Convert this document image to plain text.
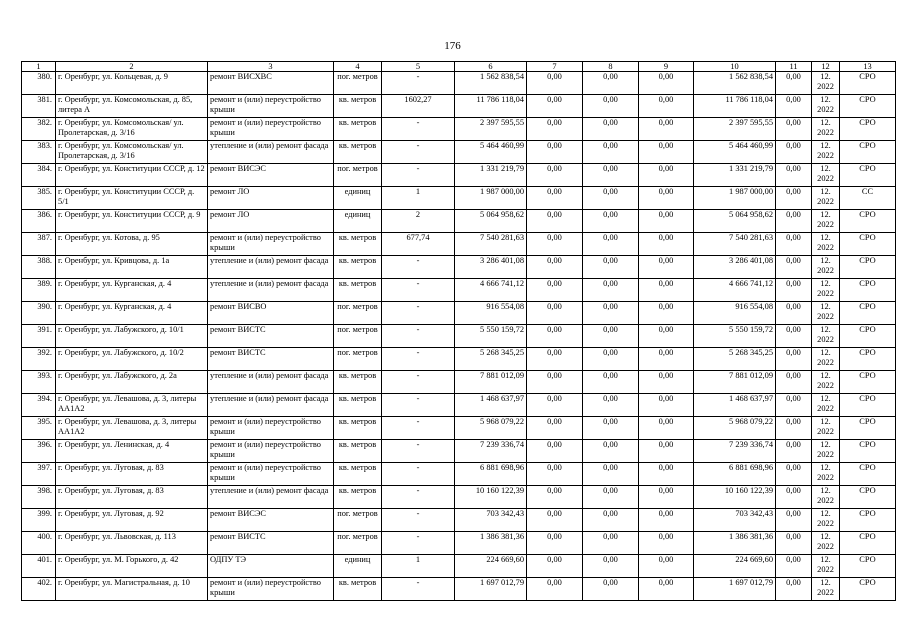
176
1	2	3	4	5	6	7	8	9	10	11	12	13
380.	г. Оренбург, ул. Кольцевая, д. 9	ремонт ВИСХВС	пог. метров	-	1 562 838,54	0,00	0,00	0,00	1 562 838,54	0,00	12. 2022	СРО
381.	г. Оренбург, ул. Комсомольская, д. 85, литера А	ремонт и (или) переустройство крыши	кв. метров	1602,27	11 786 118,04	0,00	0,00	0,00	11 786 118,04	0,00	12. 2022	СРО
382.	г. Оренбург, ул. Комсомольская/ ул. Пролетарская, д. 3/16	ремонт и (или) переустройство крыши	кв. метров	-	2 397 595,55	0,00	0,00	0,00	2 397 595,55	0,00	12. 2022	СРО
383.	г. Оренбург, ул. Комсомольская/ ул. Пролетарская, д. 3/16	утепление и (или) ремонт фасада	кв. метров	-	5 464 460,99	0,00	0,00	0,00	5 464 460,99	0,00	12. 2022	СРО
384.	г. Оренбург, ул. Конституции СССР, д. 12	ремонт ВИСЭС	пог. метров	-	1 331 219,79	0,00	0,00	0,00	1 331 219,79	0,00	12. 2022	СРО
385.	г. Оренбург, ул. Конституции СССР, д. 5/1	ремонт ЛО	единиц	1	1 987 000,00	0,00	0,00	0,00	1 987 000,00	0,00	12. 2022	СС
386.	г. Оренбург, ул. Конституции СССР, д. 9	ремонт ЛО	единиц	2	5 064 958,62	0,00	0,00	0,00	5 064 958,62	0,00	12. 2022	СРО
387.	г. Оренбург, ул. Котова, д. 95	ремонт и (или) переустройство крыши	кв. метров	677,74	7 540 281,63	0,00	0,00	0,00	7 540 281,63	0,00	12. 2022	СРО
388.	г. Оренбург, ул. Кривцова, д. 1а	утепление и (или) ремонт фасада	кв. метров	-	3 286 401,08	0,00	0,00	0,00	3 286 401,08	0,00	12. 2022	СРО
389.	г. Оренбург, ул. Курганская, д. 4	утепление и (или) ремонт фасада	кв. метров	-	4 666 741,12	0,00	0,00	0,00	4 666 741,12	0,00	12. 2022	СРО
390.	г. Оренбург, ул. Курганская, д. 4	ремонт ВИСВО	пог. метров	-	916 554,08	0,00	0,00	0,00	916 554,08	0,00	12. 2022	СРО
391.	г. Оренбург, ул. Лабужского, д. 10/1	ремонт ВИСТС	пог. метров	-	5 550 159,72	0,00	0,00	0,00	5 550 159,72	0,00	12. 2022	СРО
392.	г. Оренбург, ул. Лабужского, д. 10/2	ремонт ВИСТС	пог. метров	-	5 268 345,25	0,00	0,00	0,00	5 268 345,25	0,00	12. 2022	СРО
393.	г. Оренбург, ул. Лабужского, д. 2а	утепление и (или) ремонт фасада	кв. метров	-	7 881 012,09	0,00	0,00	0,00	7 881 012,09	0,00	12. 2022	СРО
394.	г. Оренбург, ул. Левашова, д. 3, литеры АА1А2	утепление и (или) ремонт фасада	кв. метров	-	1 468 637,97	0,00	0,00	0,00	1 468 637,97	0,00	12. 2022	СРО
395.	г. Оренбург, ул. Левашова, д. 3, литеры АА1А2	ремонт и (или) переустройство крыши	кв. метров	-	5 968 079,22	0,00	0,00	0,00	5 968 079,22	0,00	12. 2022	СРО
396.	г. Оренбург, ул. Ленинская, д. 4	ремонт и (или) переустройство крыши	кв. метров	-	7 239 336,74	0,00	0,00	0,00	7 239 336,74	0,00	12. 2022	СРО
397.	г. Оренбург, ул. Луговая, д. 83	ремонт и (или) переустройство крыши	кв. метров	-	6 881 698,96	0,00	0,00	0,00	6 881 698,96	0,00	12. 2022	СРО
398.	г. Оренбург, ул. Луговая, д. 83	утепление и (или) ремонт фасада	кв. метров	-	10 160 122,39	0,00	0,00	0,00	10 160 122,39	0,00	12. 2022	СРО
399.	г. Оренбург, ул. Луговая, д. 92	ремонт ВИСЭС	пог. метров	-	703 342,43	0,00	0,00	0,00	703 342,43	0,00	12. 2022	СРО
400.	г. Оренбург, ул. Львовская, д. 113	ремонт ВИСТС	пог. метров	-	1 386 381,36	0,00	0,00	0,00	1 386 381,36	0,00	12. 2022	СРО
401.	г. Оренбург, ул. М. Горького, д. 42	ОДПУ ТЭ	единиц	1	224 669,60	0,00	0,00	0,00	224 669,60	0,00	12. 2022	СРО
402.	г. Оренбург, ул. Магистральная, д. 10	ремонт и (или) переустройство крыши	кв. метров	-	1 697 012,79	0,00	0,00	0,00	1 697 012,79	0,00	12. 2022	СРО
